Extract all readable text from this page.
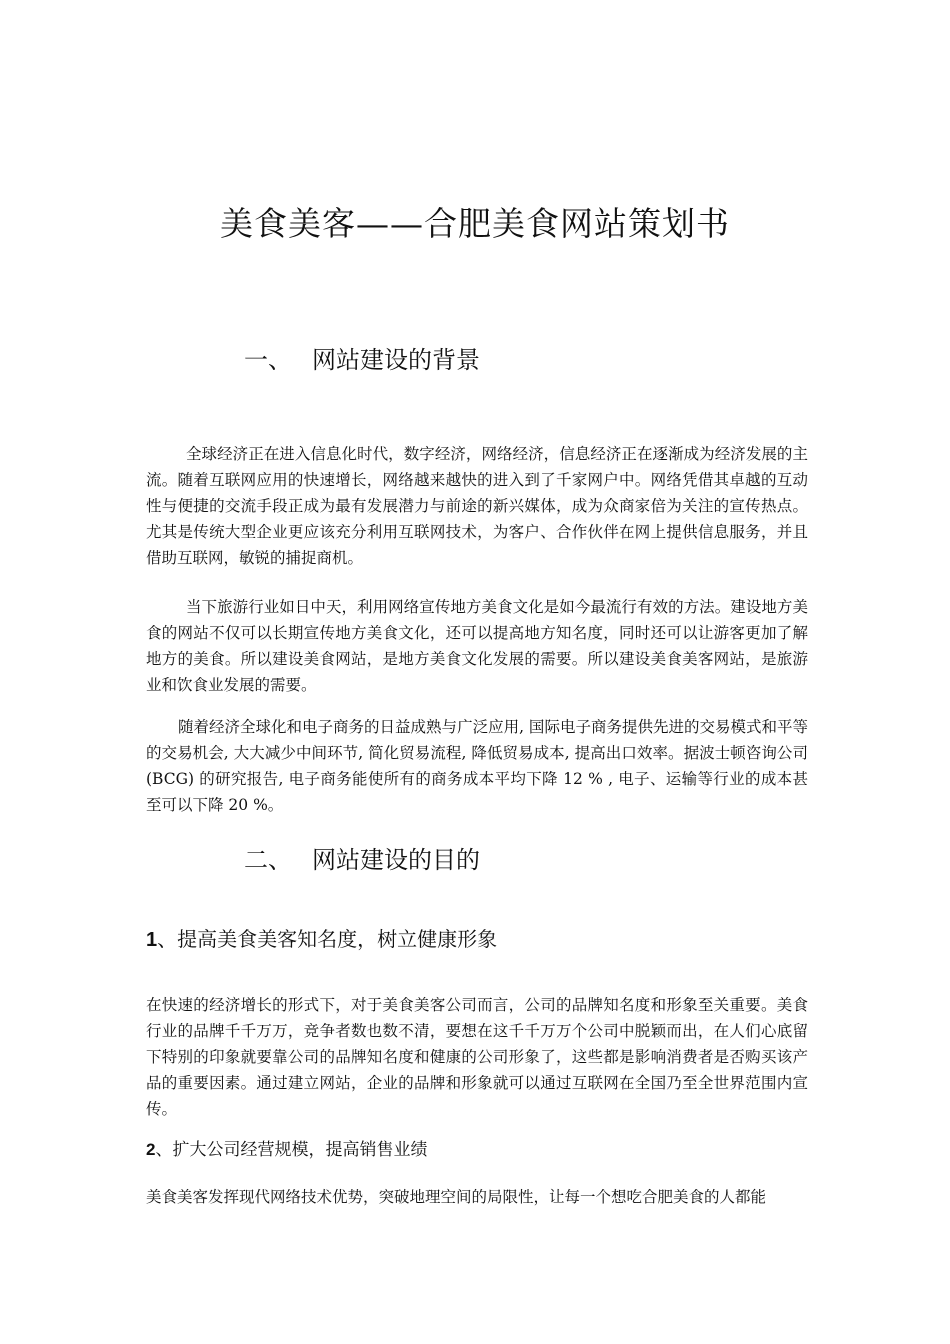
美食美客——合肥美食网站策划书
一、 网站建设的背景

全球经济正在进入信息化时代，数字经济，网络经济，信息经济正在逐渐成为经济发展的主流。随着互联网应用的快速增长，网络越来越快的进入到了千家网户中。网络凭借其卓越的互动性与便捷的交流手段正成为最有发展潜力与前途的新兴媒体，成为众商家倍为关注的宣传热点。尤其是传统大型企业更应该充分利用互联网技术，为客户、合作伙伴在网上提供信息服务，并且借助互联网，敏锐的捕捉商机。

当下旅游行业如日中天，利用网络宣传地方美食文化是如今最流行有效的方法。建设地方美食的网站不仅可以长期宣传地方美食文化，还可以提高地方知名度，同时还可以让游客更加了解地方的美食。所以建设美食网站，是地方美食文化发展的需要。所以建设美食美客网站，是旅游业和饮食业发展的需要。

随着经济全球化和电子商务的日益成熟与广泛应用, 国际电子商务提供先进的交易模式和平等的交易机会, 大大减少中间环节, 简化贸易流程, 降低贸易成本, 提高出口效率。据波士顿咨询公司(BCG) 的研究报告, 电子商务能使所有的商务成本平均下降 12 % , 电子、运输等行业的成本甚至可以下降 20 %。

二、 网站建设的目的
1、提高美食美客知名度，树立健康形象

在快速的经济增长的形式下，对于美食美客公司而言，公司的品牌知名度和形象至关重要。美食行业的品牌千千万万，竞争者数也数不清，要想在这千千万万个公司中脱颖而出，在人们心底留下特别的印象就要靠公司的品牌知名度和健康的公司形象了，这些都是影响消费者是否购买该产品的重要因素。通过建立网站，企业的品牌和形象就可以通过互联网在全国乃至全世界范围内宣传。

2、扩大公司经营规模，提高销售业绩

美食美客发挥现代网络技术优势，突破地理空间的局限性，让每一个想吃合肥美食的人都能
